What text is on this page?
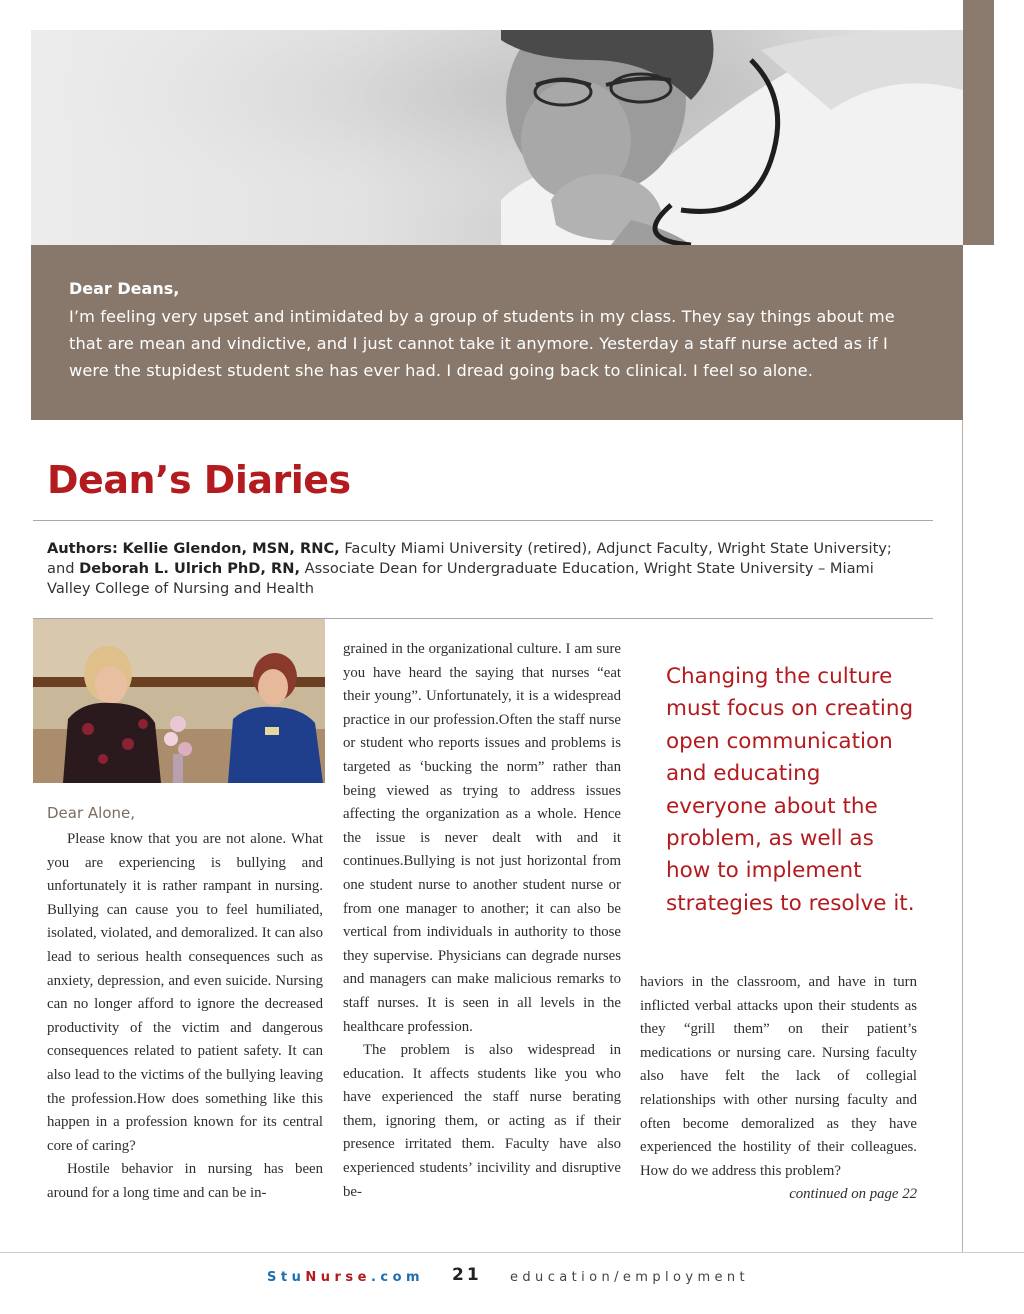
Dear Deans,
I’m feeling very upset and intimidated by a group of students in my class. They say things about me that are mean and vindictive, and I just cannot take it anymore. Yesterday a staff nurse acted as if I were the stupidest student she has ever had. I dread going back to clinical. I feel so alone.
Dean’s Diaries
Authors: Kellie Glendon, MSN, RNC, Faculty Miami University (retired), Adjunct Faculty, Wright State University;
and Deborah L. Ulrich PhD, RN, Associate Dean for Undergraduate Education, Wright State University – Miami Valley College of Nursing and Health
Dear Alone,

Please know that you are not alone. What you are experiencing is bullying and unfortunately it is rather rampant in nursing. Bullying can cause you to feel humiliated, isolated, violated, and demoralized. It can also lead to serious health consequences such as anxiety, depression, and even suicide. Nursing can no longer afford to ignore the decreased productivity of the victim and dangerous consequences related to patient safety. It can also lead to the victims of the bullying leaving the profession.How does something like this happen in a profession known for its central core of caring?

Hostile behavior in nursing has been around for a long time and can be in-

grained in the organizational culture. I am sure you have heard the saying that nurses “eat their young”. Unfortunately, it is a widespread practice in our profession.Often the staff nurse or student who reports issues and problems is targeted as ‘bucking the norm” rather than being viewed as trying to address issues affecting the organization as a whole. Hence the issue is never dealt with and it continues.Bullying is not just horizontal from one student nurse to another student nurse or from one manager to another; it can also be vertical from individuals in authority to those they supervise. Physicians can degrade nurses and managers can make malicious remarks to staff nurses. It is seen in all levels in the healthcare profession.

The problem is also widespread in education. It affects students like you who have experienced the staff nurse berating them, ignoring them, or acting as if their presence irritated them. Faculty have also experienced students’ incivility and disruptive be-

Changing the culture must focus on creating open communication and educating everyone about the problem, as well as how to implement strategies to resolve it.

haviors in the classroom, and have in turn inflicted verbal attacks upon their students as they “grill them” on their patient’s medications or nursing care. Nursing faculty also have felt the lack of collegial relationships with other nursing faculty and often become demoralized as they have experienced the hostility of their colleagues. How do we address this problem?

continued on page 22
StuNurse.com 21 education/employment
